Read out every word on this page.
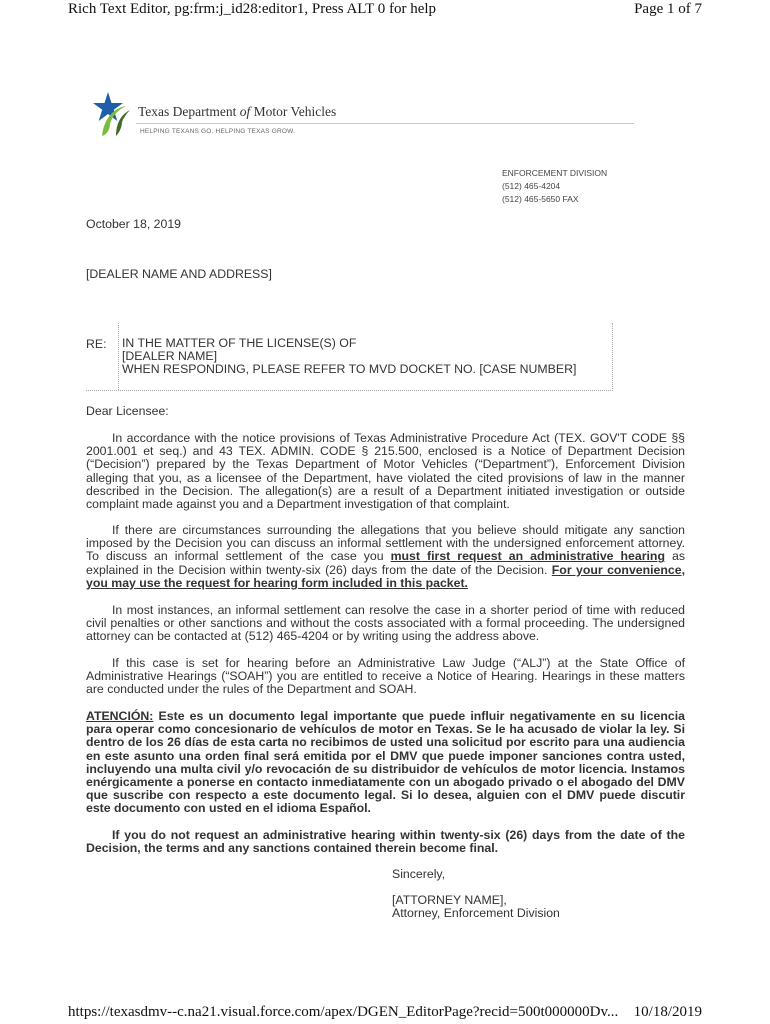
Rich Text Editor, pg:frm:j_id28:editor1, Press ALT 0 for help	Page 1 of 7
Texas Department of Motor Vehicles
HELPING TEXANS GO. HELPING TEXAS GROW.
ENFORCEMENT DIVISION
(512) 465-4204
(512) 465-5650 FAX
October 18, 2019
[DEALER NAME AND ADDRESS]
RE: IN THE MATTER OF THE LICENSE(S) OF
[DEALER NAME]
WHEN RESPONDING, PLEASE REFER TO MVD DOCKET NO. [CASE NUMBER]
Dear Licensee:
In accordance with the notice provisions of Texas Administrative Procedure Act (TEX. GOV'T CODE §§ 2001.001 et seq.) and 43 TEX. ADMIN. CODE § 215.500, enclosed is a Notice of Department Decision (“Decision”) prepared by the Texas Department of Motor Vehicles (“Department”), Enforcement Division alleging that you, as a licensee of the Department, have violated the cited provisions of law in the manner described in the Decision. The allegation(s) are a result of a Department initiated investigation or outside complaint made against you and a Department investigation of that complaint.
If there are circumstances surrounding the allegations that you believe should mitigate any sanction imposed by the Decision you can discuss an informal settlement with the undersigned enforcement attorney. To discuss an informal settlement of the case you must first request an administrative hearing as explained in the Decision within twenty-six (26) days from the date of the Decision. For your convenience, you may use the request for hearing form included in this packet.
In most instances, an informal settlement can resolve the case in a shorter period of time with reduced civil penalties or other sanctions and without the costs associated with a formal proceeding. The undersigned attorney can be contacted at (512) 465-4204 or by writing using the address above.
If this case is set for hearing before an Administrative Law Judge (“ALJ”) at the State Office of Administrative Hearings (“SOAH”) you are entitled to receive a Notice of Hearing. Hearings in these matters are conducted under the rules of the Department and SOAH.
ATENCIÓN: Este es un documento legal importante que puede influir negativamente en su licencia para operar como concesionario de vehículos de motor en Texas. Se le ha acusado de violar la ley. Si dentro de los 26 días de esta carta no recibimos de usted una solicitud por escrito para una audiencia en este asunto una orden final será emitida por el DMV que puede imponer sanciones contra usted, incluyendo una multa civil y/o revocación de su distribuidor de vehículos de motor licencia. Instamos enérgicamente a ponerse en contacto inmediatamente con un abogado privado o el abogado del DMV que suscribe con respecto a este documento legal. Si lo desea, alguien con el DMV puede discutir este documento con usted en el idioma Español.
If you do not request an administrative hearing within twenty-six (26) days from the date of the Decision, the terms and any sanctions contained therein become final.
Sincerely,
[ATTORNEY NAME],
Attorney, Enforcement Division
https://texasdmv--c.na21.visual.force.com/apex/DGEN_EditorPage?recid=500t000000Dv... 10/18/2019
